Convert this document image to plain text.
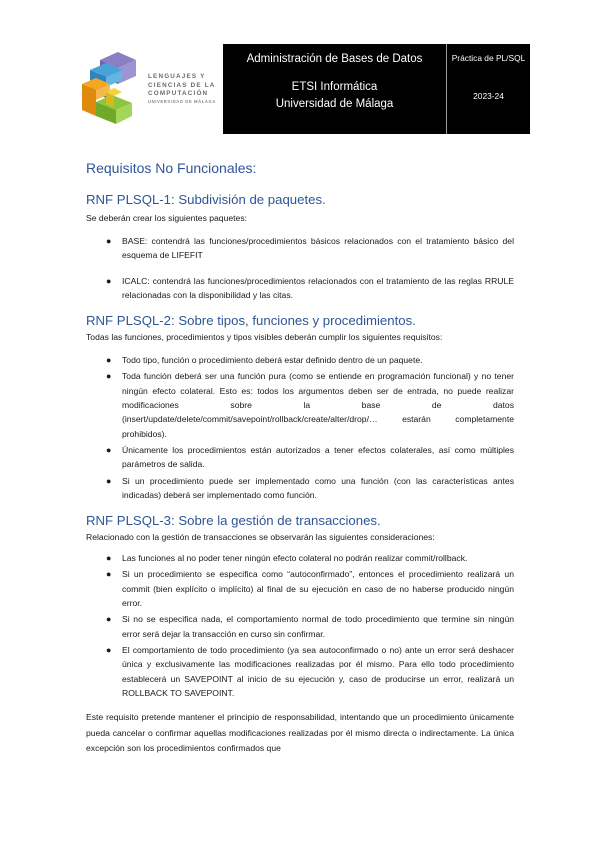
LENGUAJES Y
CIENCIAS DE LA
COMPUTACIÓN
UNIVERSIDAD DE MÁLAGA
Administración de Bases de Datos
ETSI Informática
Universidad de Málaga
Práctica de PL/SQL
2023-24
Requisitos No Funcionales:
RNF PLSQL-1: Subdivisión de paquetes.

Se deberán crear los siguientes paquetes:

● BASE: contendrá las funciones/procedimientos básicos relacionados con el tratamiento básico del esquema de LIFEFIT
● ICALC: contendrá las funciones/procedimientos relacionados con el tratamiento de las reglas RRULE relacionadas con la disponibilidad y las citas.
RNF PLSQL-2: Sobre tipos, funciones y procedimientos.

Todas las funciones, procedimientos y tipos visibles deberán cumplir los siguientes requisitos:

● Todo tipo, función o procedimiento deberá estar definido dentro de un paquete.
● Toda función deberá ser una función pura (como se entiende en programación funcional) y no tener ningún efecto colateral. Esto es: todos los argumentos deben ser de entrada, no puede realizar modificaciones sobre la base de datos (insert/update/delete/commit/savepoint/rollback/create/alter/drop/… estarán completamente prohibidos).
● Únicamente los procedimientos están autorizados a tener efectos colaterales, así como múltiples parámetros de salida.
● Si un procedimiento puede ser implementado como una función (con las características antes indicadas) deberá ser implementado como función.
RNF PLSQL-3: Sobre la gestión de transacciones.

Relacionado con la gestión de transacciones se observarán las siguientes consideraciones:

● Las funciones al no poder tener ningún efecto colateral no podrán realizar commit/rollback.
● Si un procedimiento se especifica como “autoconfirmado”, entonces el procedimiento realizará un commit (bien explícito o implícito) al final de su ejecución en caso de no haberse producido ningún error.
● Si no se especifica nada, el comportamiento normal de todo procedimiento que termine sin ningún error será dejar la transacción en curso sin confirmar.
● El comportamiento de todo procedimiento (ya sea autoconfirmado o no) ante un error será deshacer única y exclusivamente las modificaciones realizadas por él mismo. Para ello todo procedimiento establecerá un SAVEPOINT al inicio de su ejecución y, caso de producirse un error, realizará un ROLLBACK TO SAVEPOINT.

Este requisito pretende mantener el principio de responsabilidad, intentando que un procedimiento únicamente pueda cancelar o confirmar aquellas modificaciones realizadas por él mismo directa o indirectamente. La única excepción son los procedimientos confirmados que
